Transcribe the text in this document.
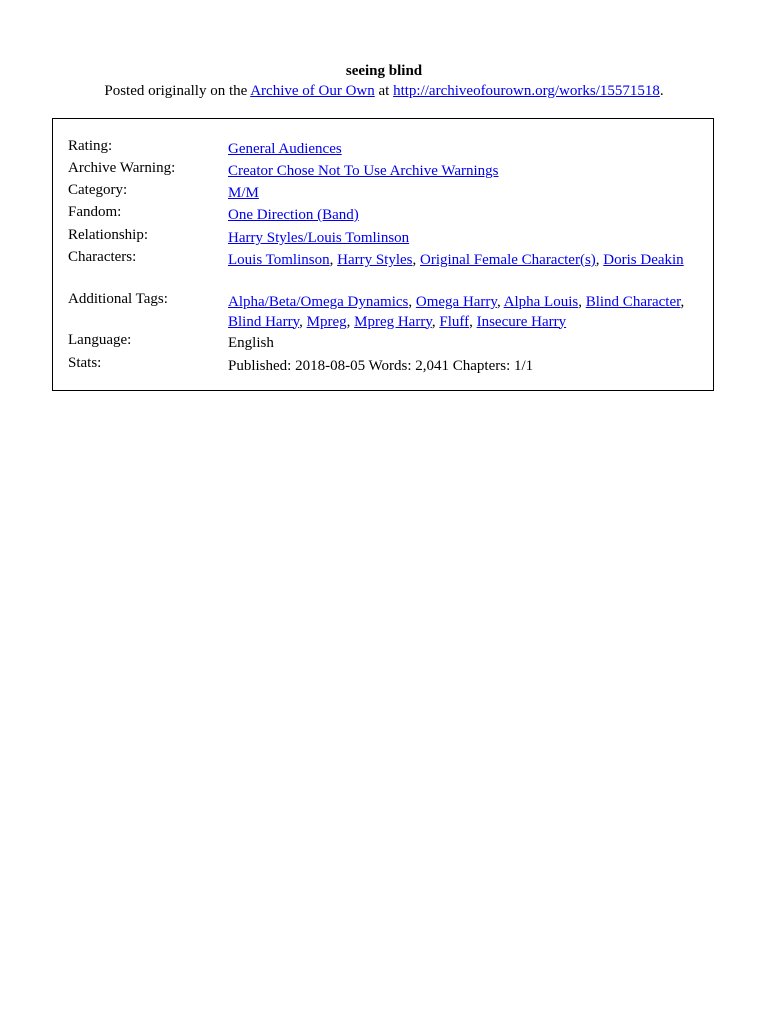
seeing blind
Posted originally on the Archive of Our Own at http://archiveofourown.org/works/15571518.
Rating:	General Audiences
Archive Warning:	Creator Chose Not To Use Archive Warnings
Category:	M/M
Fandom:	One Direction (Band)
Relationship:	Harry Styles/Louis Tomlinson
Characters:	Louis Tomlinson, Harry Styles, Original Female Character(s), Doris Deakin
Additional Tags:	Alpha/Beta/Omega Dynamics, Omega Harry, Alpha Louis, Blind Character, Blind Harry, Mpreg, Mpreg Harry, Fluff, Insecure Harry
Language:	English
Stats:	Published: 2018-08-05 Words: 2,041 Chapters: 1/1
